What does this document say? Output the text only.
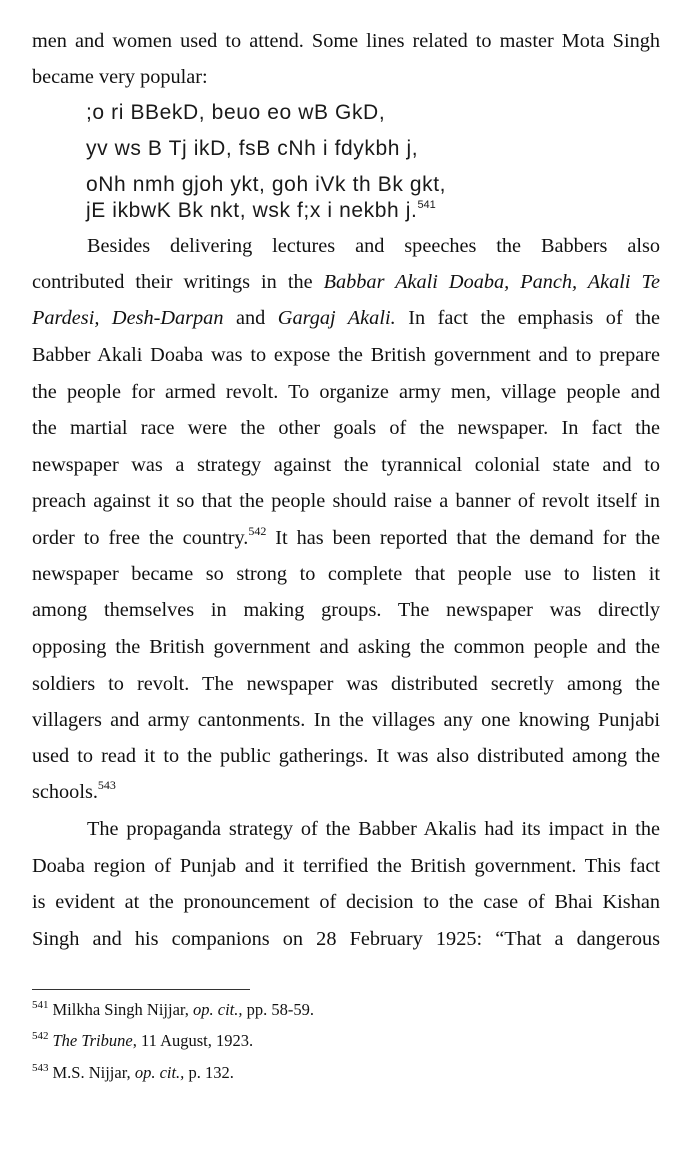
men and women used to attend. Some lines related to master Mota Singh
became very popular:
;o ri BBekD, beuo eo wB GkD,
yv ws B Tj ikD, fsB cNh i fdykbh j,
oNh nmh gjoh ykt, goh iVk th Bk gkt,
jE ikbwK Bk nkt, wsk f;x i nekbh j.$^{541}$
Besides delivering lectures and speeches the Babbers also
contributed their writings in the Babbar Akali Doaba, Panch, Akali Te
Pardesi, Desh-Darpan and Gargaj Akali. In fact the emphasis of the
Babber Akali Doaba was to expose the British government and to prepare
the people for armed revolt. To organize army men, village people and
the martial race were the other goals of the newspaper. In fact the
newspaper was a strategy against the tyrannical colonial state and to
preach against it so that the people should raise a banner of revolt itself in
order to free the country.$^{542}$ It has been reported that the demand for the
newspaper became so strong to complete that people use to listen it
among themselves in making groups. The newspaper was directly
opposing the British government and asking the common people and the
soldiers to revolt. The newspaper was distributed secretly among the
villagers and army cantonments. In the villages any one knowing Punjabi
used to read it to the public gatherings. It was also distributed among the
schools.$^{543}$
The propaganda strategy of the Babber Akalis had its impact in the
Doaba region of Punjab and it terrified the British government. This fact
is evident at the pronouncement of decision to the case of Bhai Kishan
Singh and his companions on 28 February 1925: “That a dangerous
$^{541}$ Milkha Singh Nijjar, op. cit., pp. 58-59.
$^{542}$ The Tribune, 11 August, 1923.
$^{543}$ M.S. Nijjar, op. cit., p. 132.
